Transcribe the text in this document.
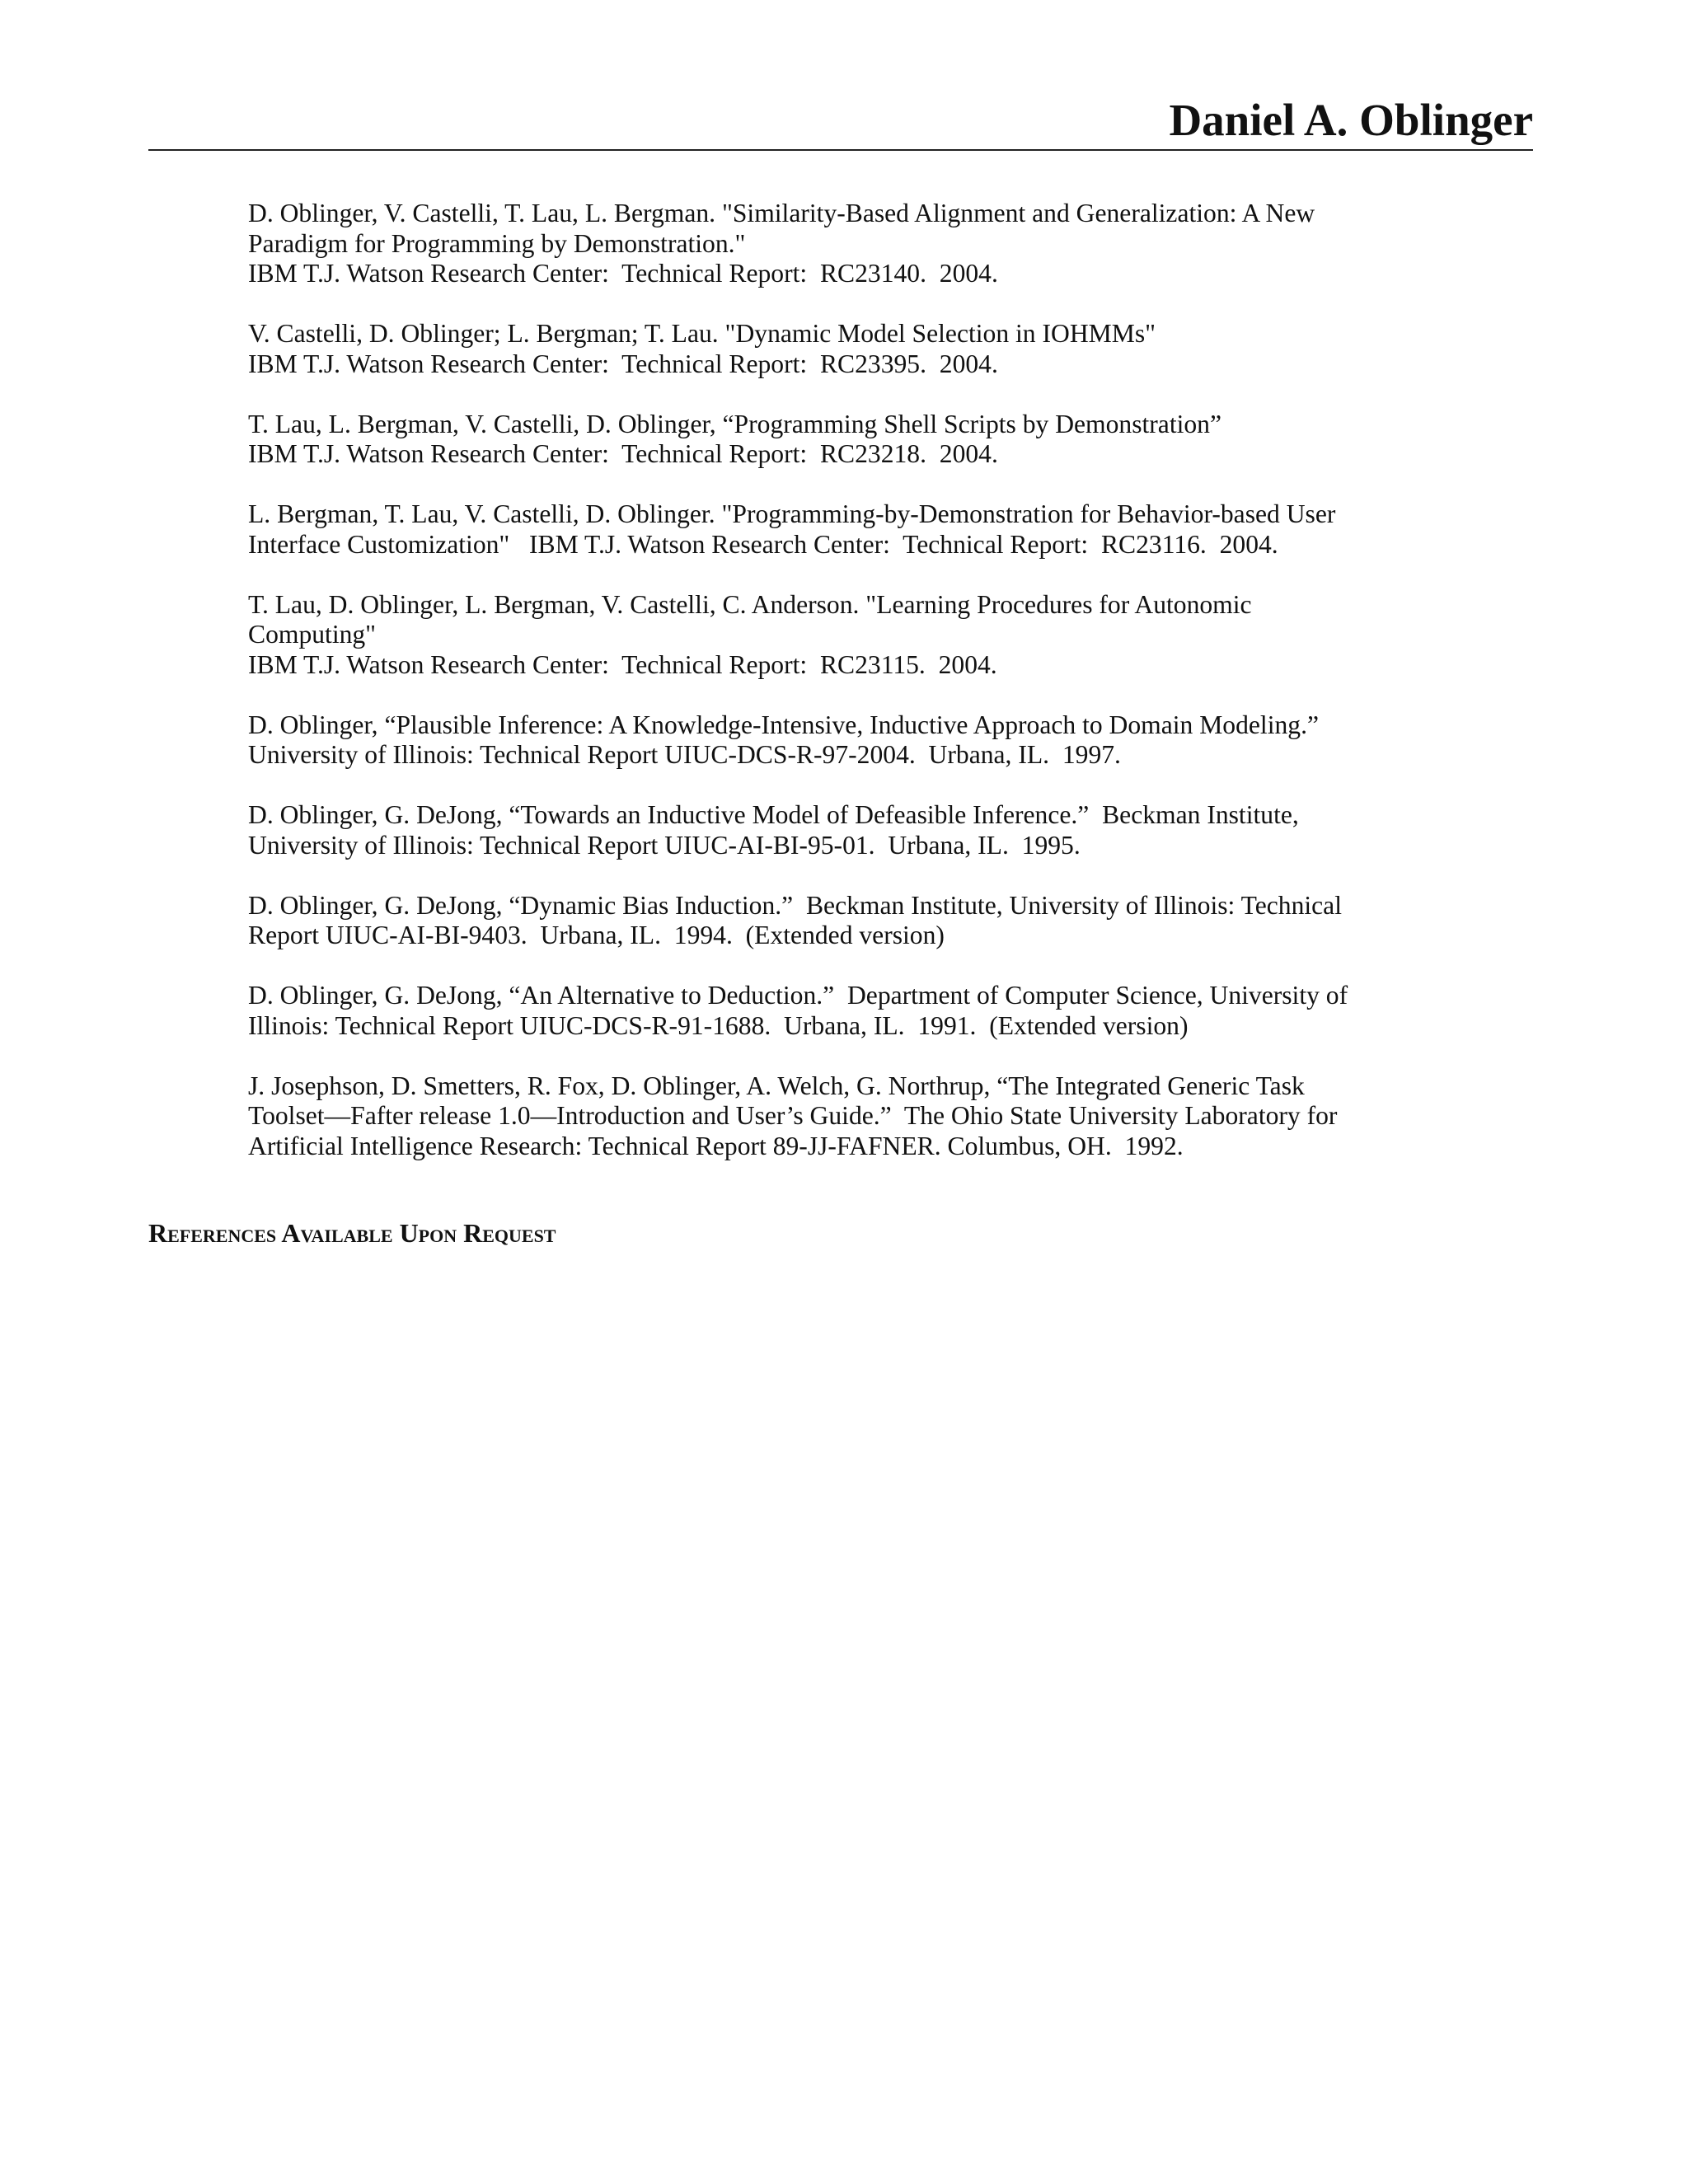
Daniel A. Oblinger
D. Oblinger, V. Castelli, T. Lau, L. Bergman. "Similarity-Based Alignment and Generalization: A New
Paradigm for Programming by Demonstration."
IBM T.J. Watson Research Center:  Technical Report:  RC23140.  2004.
V. Castelli, D. Oblinger; L. Bergman; T. Lau. "Dynamic Model Selection in IOHMMs"
IBM T.J. Watson Research Center:  Technical Report:  RC23395.  2004.
T. Lau, L. Bergman, V. Castelli, D. Oblinger, “Programming Shell Scripts by Demonstration”
IBM T.J. Watson Research Center:  Technical Report:  RC23218.  2004.
L. Bergman, T. Lau, V. Castelli, D. Oblinger. "Programming-by-Demonstration for Behavior-based User
Interface Customization"   IBM T.J. Watson Research Center:  Technical Report:  RC23116.  2004.
T. Lau, D. Oblinger, L. Bergman, V. Castelli, C. Anderson. "Learning Procedures for Autonomic
Computing"
IBM T.J. Watson Research Center:  Technical Report:  RC23115.  2004.
D. Oblinger, “Plausible Inference: A Knowledge-Intensive, Inductive Approach to Domain Modeling.”
University of Illinois: Technical Report UIUC-DCS-R-97-2004.  Urbana, IL.  1997.
D. Oblinger, G. DeJong, “Towards an Inductive Model of Defeasible Inference.”  Beckman Institute,
University of Illinois: Technical Report UIUC-AI-BI-95-01.  Urbana, IL.  1995.
D. Oblinger, G. DeJong, “Dynamic Bias Induction.”  Beckman Institute, University of Illinois: Technical
Report UIUC-AI-BI-9403.  Urbana, IL.  1994.  (Extended version)
D. Oblinger, G. DeJong, “An Alternative to Deduction.”  Department of Computer Science, University of
Illinois: Technical Report UIUC-DCS-R-91-1688.  Urbana, IL.  1991.  (Extended version)
J. Josephson, D. Smetters, R. Fox, D. Oblinger, A. Welch, G. Northrup, “The Integrated Generic Task
Toolset—Fafter release 1.0—Introduction and User’s Guide.”  The Ohio State University Laboratory for
Artificial Intelligence Research: Technical Report 89-JJ-FAFNER. Columbus, OH.  1992.
References Available Upon Request
